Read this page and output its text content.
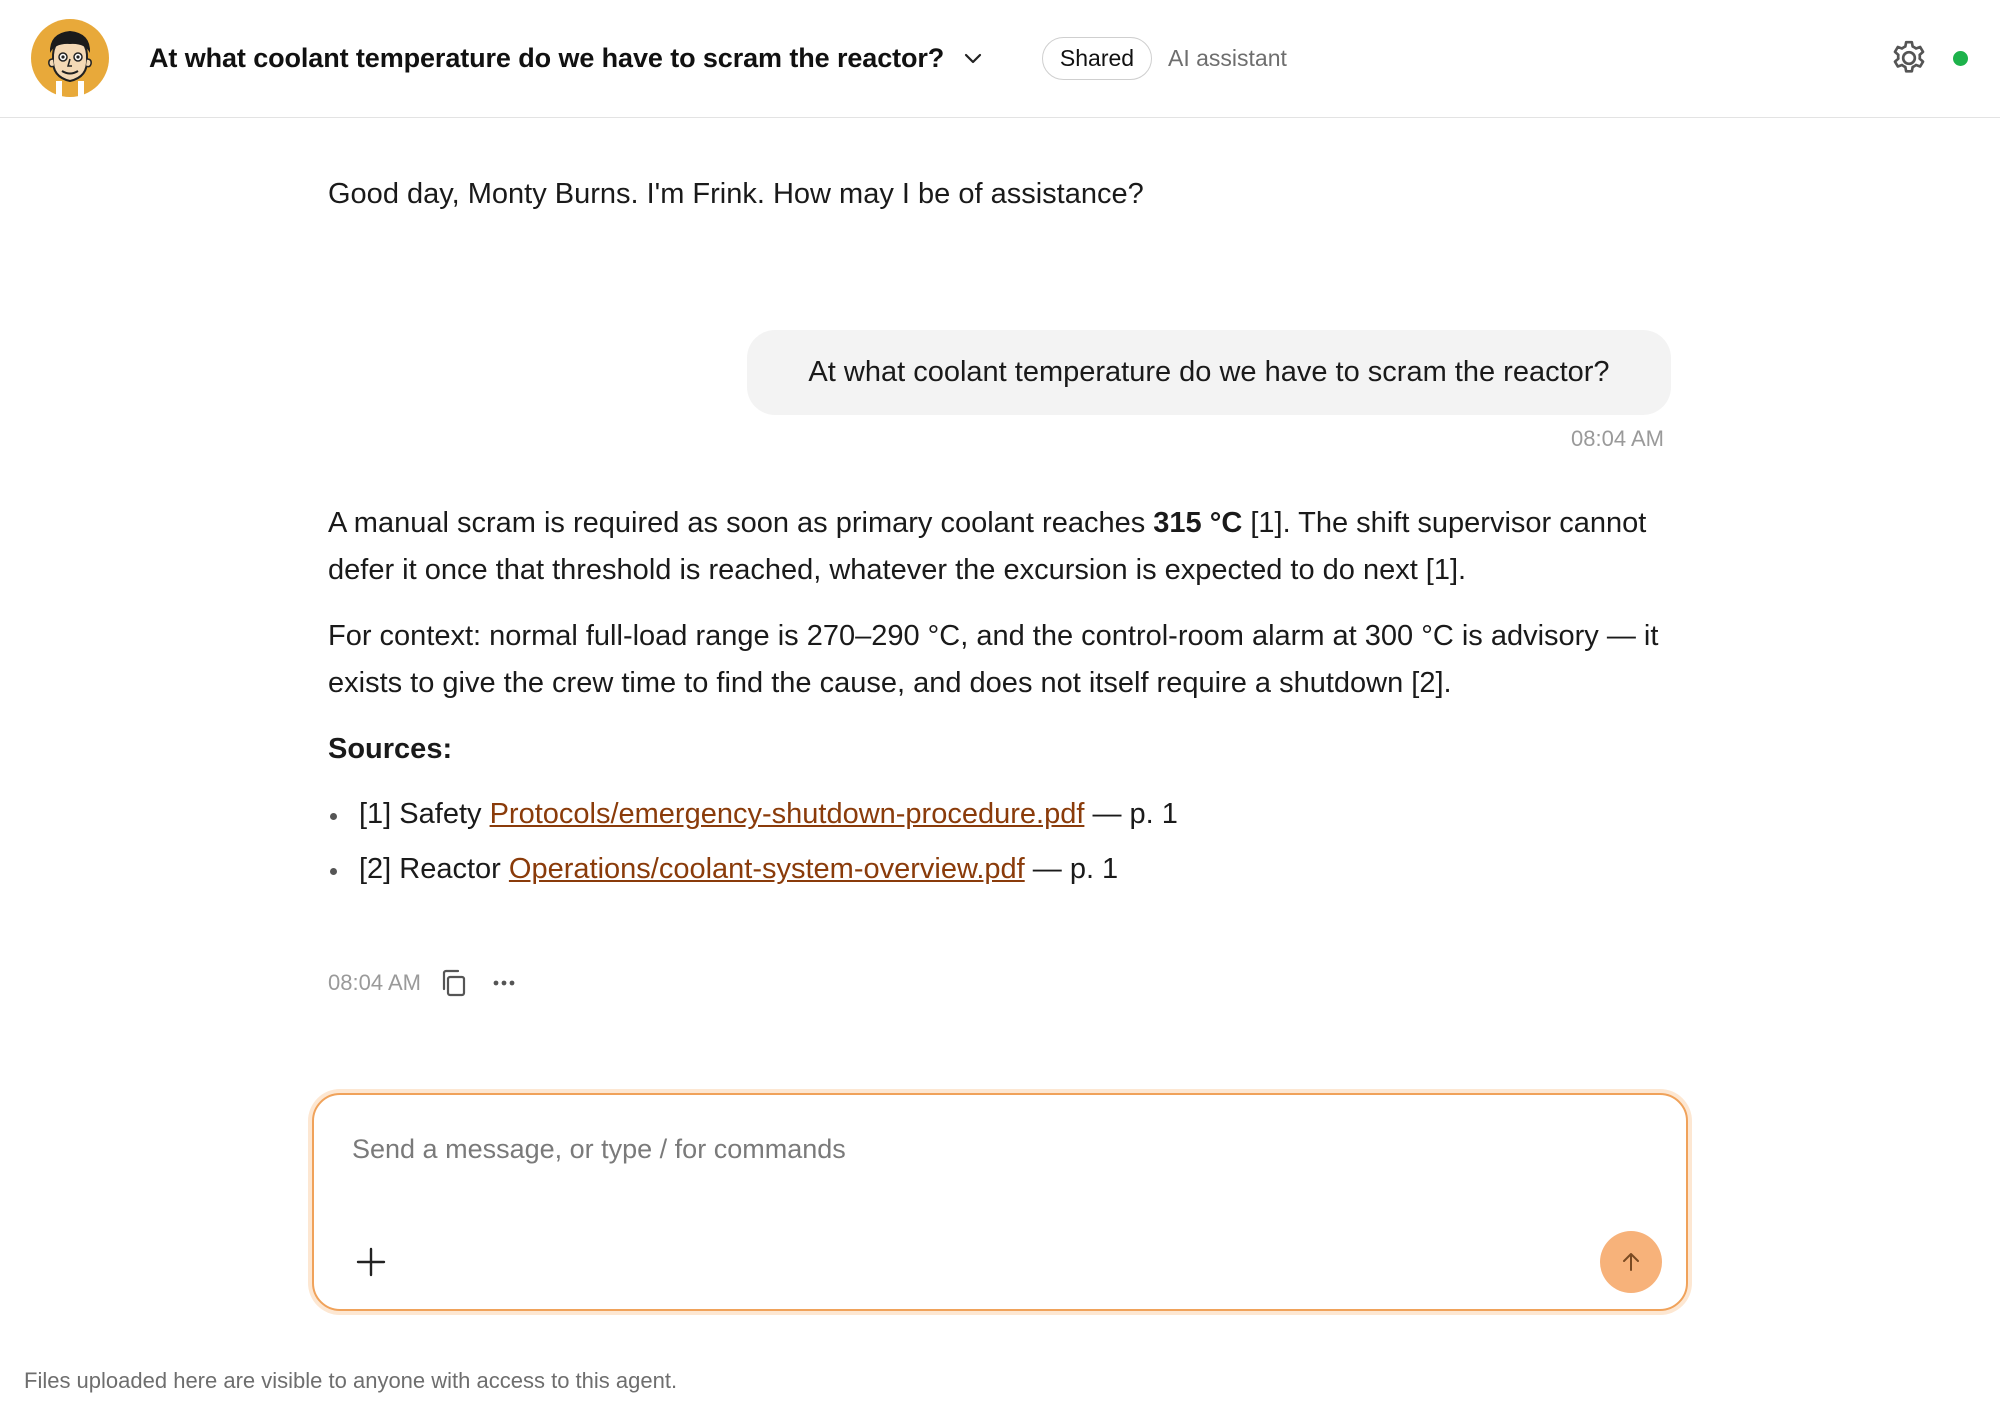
At what coolant temperature do we have to scram the reactor?	Shared AI assistant
Good day, Monty Burns. I'm Frink. How may I be of assistance?
At what coolant temperature do we have to scram the reactor?
08:04 AM

A manual scram is required as soon as primary coolant reaches 315 °C [1]. The shift supervisor cannot defer it once that threshold is reached, whatever the excursion is expected to do next [1].

For context: normal full-load range is 270–290 °C, and the control-room alarm at 300 °C is advisory — it exists to give the crew time to find the cause, and does not itself require a shutdown [2].

Sources:

[1] Safety Protocols/emergency-shutdown-procedure.pdf — p. 1
[2] Reactor Operations/coolant-system-overview.pdf — p. 1
08:04 AM
Send a message, or type / for commands
Files uploaded here are visible to anyone with access to this agent.
